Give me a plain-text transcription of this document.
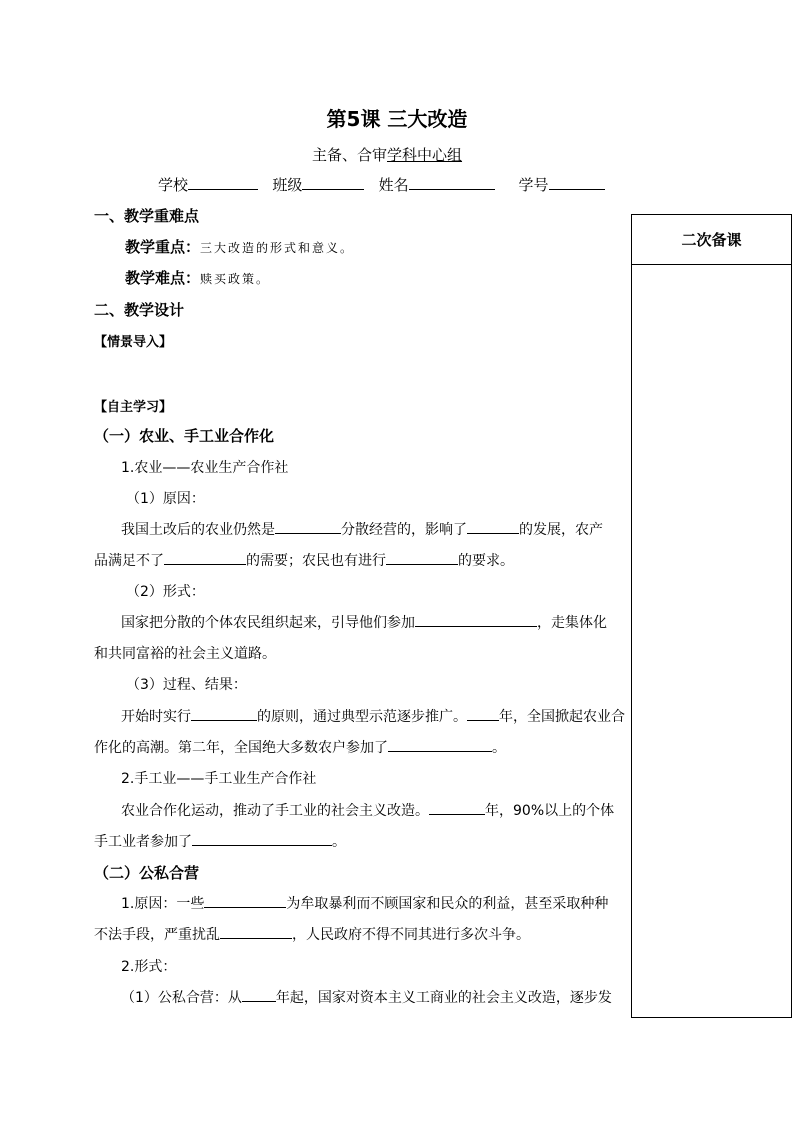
第5课 三大改造
主备、合审学科中心组
学校	班级	姓名	学号
二次备课
一、教学重难点
教学重点：三大改造的形式和意义。
教学难点：赎买政策。
二、教学设计
【情景导入】
【自主学习】
（一）农业、手工业合作化
1.农业——农业生产合作社
（1）原因：
我国土改后的农业仍然是	分散经营的，影响了	的发展，农产
品满足不了	的需要；农民也有进行	的要求。
（2）形式：
国家把分散的个体农民组织起来，引导他们参加	，走集体化
和共同富裕的社会主义道路。
（3）过程、结果：
开始时实行	的原则，通过典型示范逐步推广。 年，全国掀起农业合
作化的高潮。第二年，全国绝大多数农户参加了	。
2.手工业——手工业生产合作社
农业合作化运动，推动了手工业的社会主义改造。	年，90%以上的个体
手工业者参加了	。
（二）公私合营
1.原因：一些	为牟取暴利而不顾国家和民众的利益，甚至采取种种
不法手段，严重扰乱	，人民政府不得不同其进行多次斗争。
2.形式：
（1）公私合营：从 年起，国家对资本主义工商业的社会主义改造，逐步发
